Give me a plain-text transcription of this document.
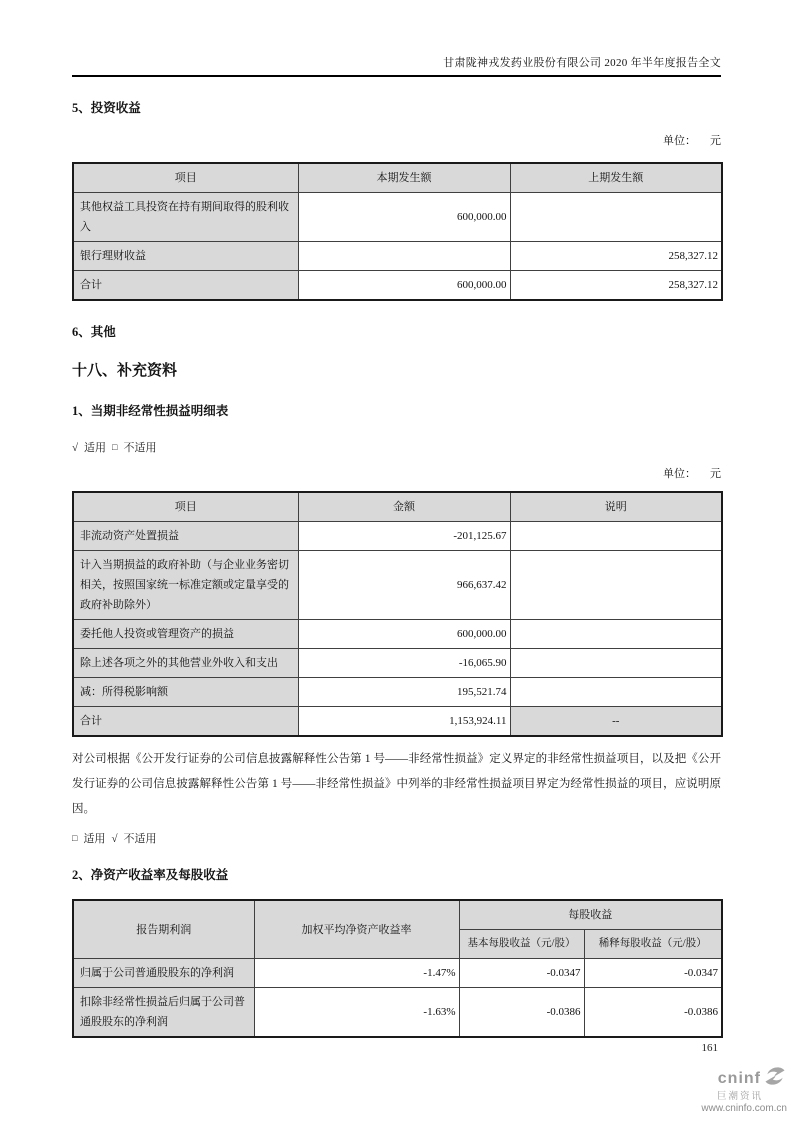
甘肃陇神戎发药业股份有限公司 2020 年半年度报告全文
5、投资收益
单位： 元
项目	本期发生额	上期发生额
其他权益工具投资在持有期间取得的股利收入	600,000.00	
银行理财收益		258,327.12
合计	600,000.00	258,327.12
6、其他
十八、补充资料
1、当期非经常性损益明细表
√ 适用 □ 不适用
单位： 元
项目	金额	说明
非流动资产处置损益	-201,125.67	
计入当期损益的政府补助（与企业业务密切相关，按照国家统一标准定额或定量享受的政府补助除外）	966,637.42	
委托他人投资或管理资产的损益	600,000.00	
除上述各项之外的其他营业外收入和支出	-16,065.90	
减：所得税影响额	195,521.74	
合计	1,153,924.11	--
对公司根据《公开发行证券的公司信息披露解释性公告第 1 号——非经常性损益》定义界定的非经常性损益项目，以及把《公开发行证券的公司信息披露解释性公告第 1 号——非经常性损益》中列举的非经常性损益项目界定为经常性损益的项目，应说明原因。
□ 适用 √ 不适用
2、净资产收益率及每股收益
报告期利润	加权平均净资产收益率	每股收益	
		基本每股收益（元/股）	稀释每股收益（元/股）
归属于公司普通股股东的净利润	-1.47%	-0.0347	-0.0347
扣除非经常性损益后归属于公司普通股股东的净利润	-1.63%	-0.0386	-0.0386
161
cninf
巨潮资讯
www.cninfo.com.cn
